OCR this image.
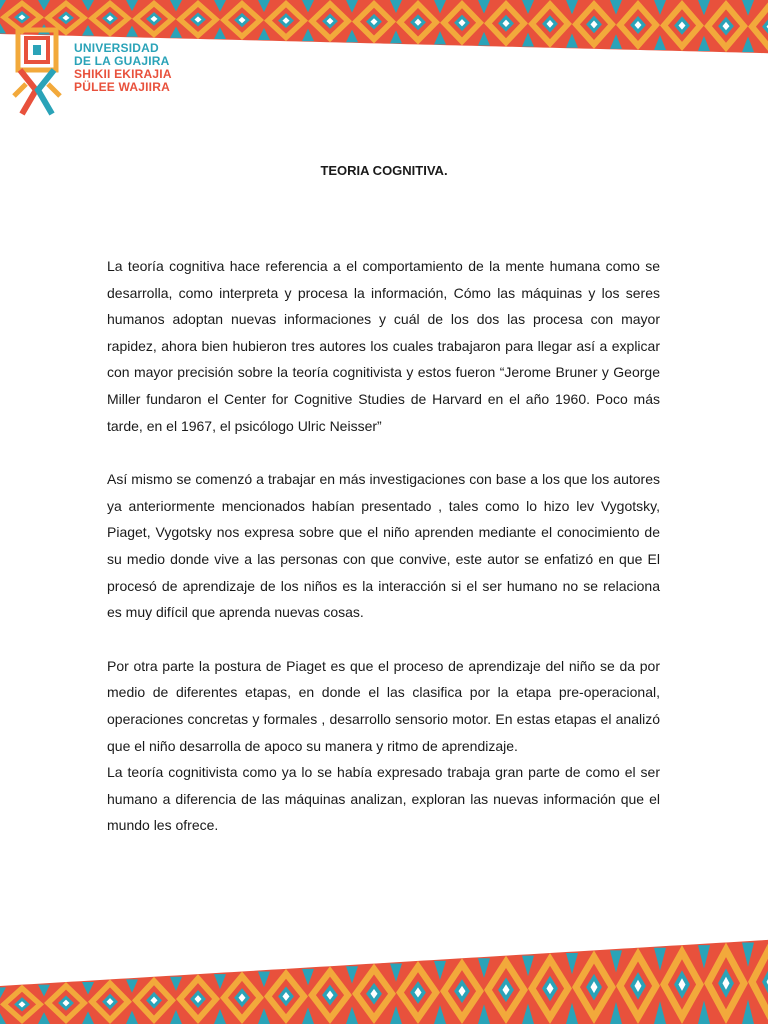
UNIVERSIDAD
DE LA GUAJIRA
SHIKII EKIRAJIA
PÜLEE WAJIIRA
TEORIA COGNITIVA.

La teoría cognitiva hace referencia a el comportamiento de la mente humana como se desarrolla, como interpreta y procesa la información, Cómo las máquinas y los seres humanos adoptan nuevas informaciones y cuál de los dos las procesa con mayor rapidez, ahora bien hubieron tres autores los cuales trabajaron para llegar así a explicar con mayor precisión sobre la teoría cognitivista y estos fueron “Jerome Bruner y George Miller fundaron el Center for Cognitive Studies de Harvard en el año 1960. Poco más tarde, en el 1967, el psicólogo Ulric Neisser”

Así mismo se comenzó a trabajar en más investigaciones con base a los que los autores ya anteriormente mencionados habían presentado , tales como lo hizo lev Vygotsky, Piaget, Vygotsky nos expresa sobre que el niño aprenden mediante el conocimiento de su medio donde vive a las personas con que convive, este autor se enfatizó en que El procesó de aprendizaje de los niños es la interacción si el ser humano no se relaciona es muy difícil que aprenda nuevas cosas.

Por otra parte la postura de Piaget es que el proceso de aprendizaje del niño se da por medio de diferentes etapas, en donde el las clasifica por la etapa pre-operacional, operaciones concretas y formales , desarrollo sensorio motor. En estas etapas el analizó que el niño desarrolla de apoco su manera y ritmo de aprendizaje.

La teoría cognitivista como ya lo se había expresado trabaja gran parte de como el ser humano a diferencia de las máquinas analizan, exploran las nuevas información que el mundo les ofrece.
